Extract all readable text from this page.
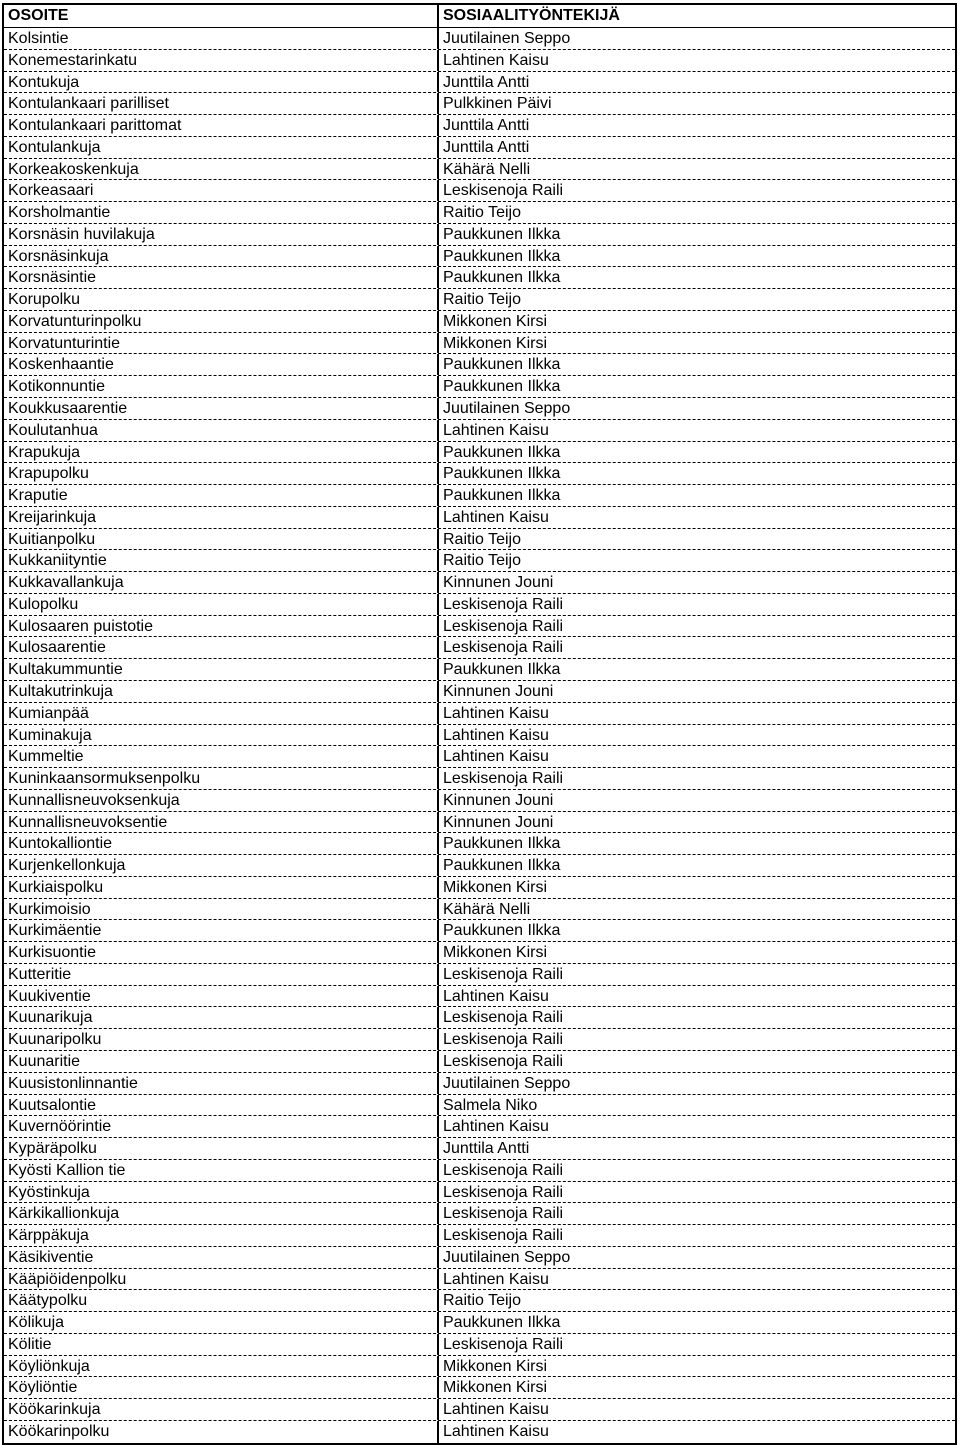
OSOITE	SOSIAALITYÖNTEKIJÄ
Kolsintie	Juutilainen Seppo
Konemestarinkatu	Lahtinen Kaisu
Kontukuja	Junttila Antti
Kontulankaari parilliset	Pulkkinen Päivi
Kontulankaari parittomat	Junttila Antti
Kontulankuja	Junttila Antti
Korkeakoskenkuja	Kähärä Nelli
Korkeasaari	Leskisenoja Raili
Korsholmantie	Raitio Teijo
Korsnäsin huvilakuja	Paukkunen Ilkka
Korsnäsinkuja	Paukkunen Ilkka
Korsnäsintie	Paukkunen Ilkka
Korupolku	Raitio Teijo
Korvatunturinpolku	Mikkonen Kirsi
Korvatunturintie	Mikkonen Kirsi
Koskenhaantie	Paukkunen Ilkka
Kotikonnuntie	Paukkunen Ilkka
Koukkusaarentie	Juutilainen Seppo
Koulutanhua	Lahtinen Kaisu
Krapukuja	Paukkunen Ilkka
Krapupolku	Paukkunen Ilkka
Kraputie	Paukkunen Ilkka
Kreijarinkuja	Lahtinen Kaisu
Kuitianpolku	Raitio Teijo
Kukkaniityntie	Raitio Teijo
Kukkavallankuja	Kinnunen Jouni
Kulopolku	Leskisenoja Raili
Kulosaaren puistotie	Leskisenoja Raili
Kulosaarentie	Leskisenoja Raili
Kultakummuntie	Paukkunen Ilkka
Kultakutrinkuja	Kinnunen Jouni
Kumianpää	Lahtinen Kaisu
Kuminakuja	Lahtinen Kaisu
Kummeltie	Lahtinen Kaisu
Kuninkaansormuksenpolku	Leskisenoja Raili
Kunnallisneuvoksenkuja	Kinnunen Jouni
Kunnallisneuvoksentie	Kinnunen Jouni
Kuntokalliontie	Paukkunen Ilkka
Kurjenkellonkuja	Paukkunen Ilkka
Kurkiaispolku	Mikkonen Kirsi
Kurkimoisio	Kähärä Nelli
Kurkimäentie	Paukkunen Ilkka
Kurkisuontie	Mikkonen Kirsi
Kutteritie	Leskisenoja Raili
Kuukiventie	Lahtinen Kaisu
Kuunarikuja	Leskisenoja Raili
Kuunaripolku	Leskisenoja Raili
Kuunaritie	Leskisenoja Raili
Kuusistonlinnantie	Juutilainen Seppo
Kuutsalontie	Salmela Niko
Kuvernöörintie	Lahtinen Kaisu
Kypäräpolku	Junttila Antti
Kyösti Kallion tie	Leskisenoja Raili
Kyöstinkuja	Leskisenoja Raili
Kärkikallionkuja	Leskisenoja Raili
Kärppäkuja	Leskisenoja Raili
Käsikiventie	Juutilainen Seppo
Kääpiöidenpolku	Lahtinen Kaisu
Käätypolku	Raitio Teijo
Kölikuja	Paukkunen Ilkka
Kölitie	Leskisenoja Raili
Köyliönkuja	Mikkonen Kirsi
Köyliöntie	Mikkonen Kirsi
Köökarinkuja	Lahtinen Kaisu
Köökarinpolku	Lahtinen Kaisu
